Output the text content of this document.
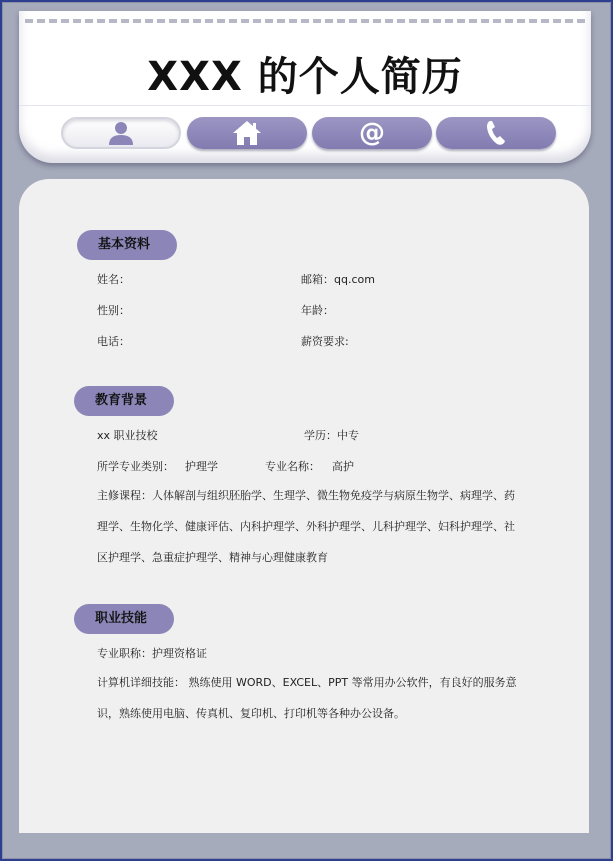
XXX 的个人简历
@
基本资料
姓名：	邮箱：qq.com
性别：	年龄：
电话：	薪资要求:
教育背景
xx 职业技校	学历：中专
所学专业类别： 护理学	专业名称： 高护
主修课程：人体解剖与组织胚胎学、生理学、微生物免疫学与病原生物学、病理学、药理学、生物化学、健康评估、内科护理学、外科护理学、儿科护理学、妇科护理学、社区护理学、急重症护理学、精神与心理健康教育
职业技能
专业职称：护理资格证
计算机详细技能： 熟练使用 WORD、EXCEL、PPT 等常用办公软件，有良好的服务意识，熟练使用电脑、传真机、复印机、打印机等各种办公设备。
